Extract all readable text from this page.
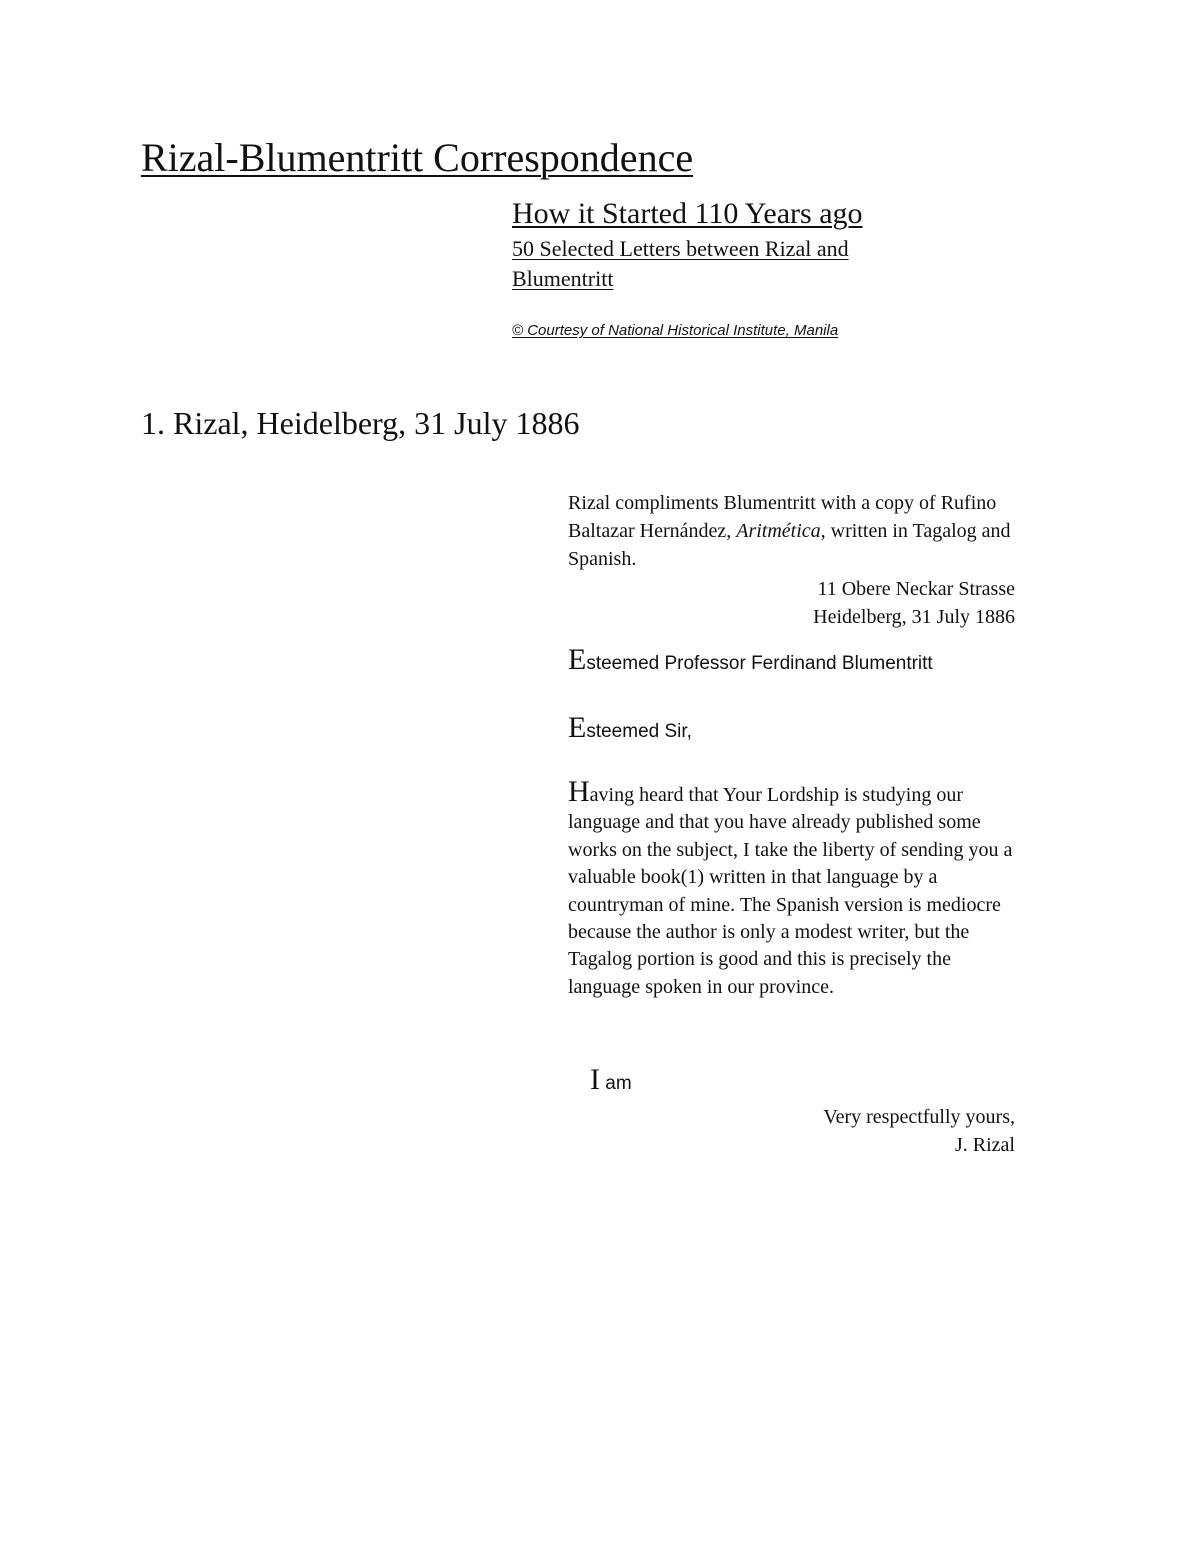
Rizal-Blumentritt Correspondence
How it Started 110 Years ago
50 Selected Letters between Rizal and Blumentritt
© Courtesy of National Historical Institute, Manila
1. Rizal, Heidelberg, 31 July 1886
Rizal compliments Blumentritt with a copy of Rufino Baltazar Hernández, Aritmética, written in Tagalog and Spanish.
11 Obere Neckar Strasse
Heidelberg, 31 July 1886
Esteemed Professor Ferdinand Blumentritt
Esteemed Sir,
Having heard that Your Lordship is studying our language and that you have already published some works on the subject, I take the liberty of sending you a valuable book(1) written in that language by a countryman of mine. The Spanish version is mediocre because the author is only a modest writer, but the Tagalog portion is good and this is precisely the language spoken in our province.
I am
Very respectfully yours,
J. Rizal
